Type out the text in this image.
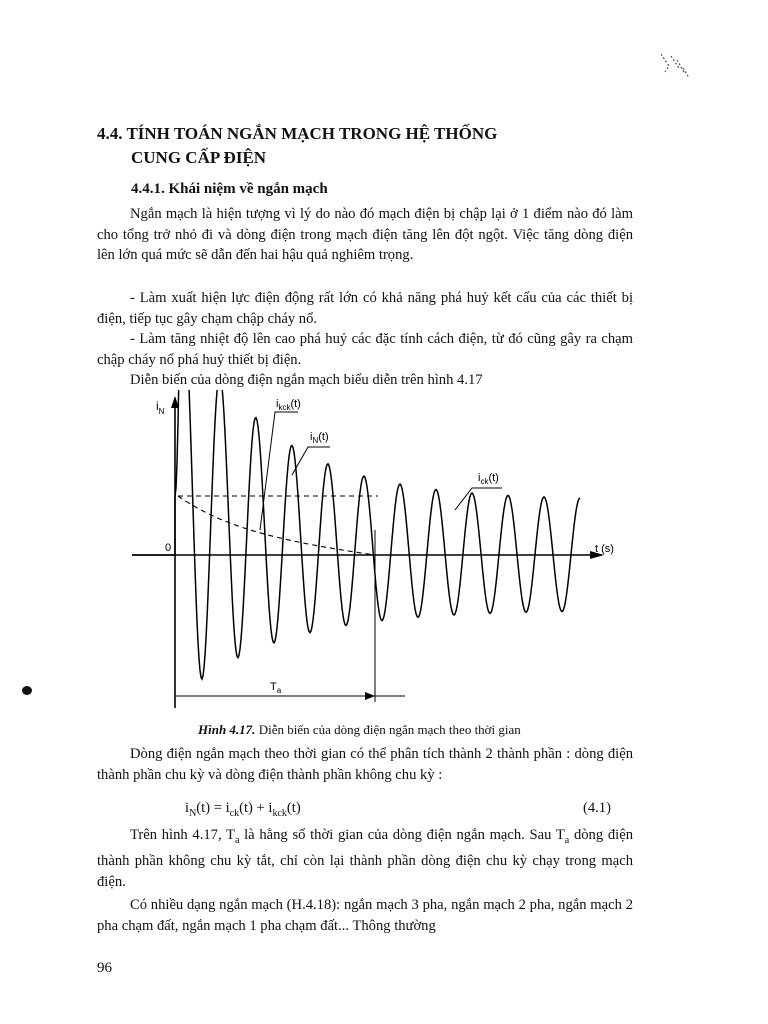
4.4. TÍNH TOÁN NGẮN MẠCH TRONG HỆ THỐNG
CUNG CẤP ĐIỆN
4.4.1. Khái niệm về ngắn mạch
Ngắn mạch là hiện tượng vì lý do nào đó mạch điện bị chập lại ở 1 điểm nào đó làm cho tổng trở nhỏ đi và dòng điện trong mạch điện tăng lên đột ngột. Việc tăng dòng điện lên lớn quá mức sẽ dẫn đến hai hậu quả nghiêm trọng.
- Làm xuất hiện lực điện động rất lớn có khả năng phá huỷ kết cấu của các thiết bị điện, tiếp tục gây chạm chập cháy nổ.
- Làm tăng nhiệt độ lên cao phá huỷ các đặc tính cách điện, từ đó cũng gây ra chạm chập cháy nổ phá huỷ thiết bị điện.
Diễn biến của dòng điện ngắn mạch biểu diễn trên hình 4.17
$i_N$
$i_{kck}(t)$
$i_N(t)$
$i_{ck}(t)$
0	t (s)
$T_a$
Hình 4.17. Diễn biến của dòng điện ngắn mạch theo thời gian
Dòng điện ngắn mạch theo thời gian có thể phân tích thành 2 thành phần : dòng điện thành phần chu kỳ và dòng điện thành phần không chu kỳ :
$i_N(t) = i_{ck}(t) + i_{kck}(t)$	(4.1)
Trên hình 4.17, $T_a$ là hằng số thời gian của dòng điện ngắn mạch. Sau $T_a$ dòng điện thành phần không chu kỳ tắt, chỉ còn lại thành phần dòng điện chu kỳ chạy trong mạch điện.
Có nhiều dạng ngắn mạch (H.4.18): ngắn mạch 3 pha, ngắn mạch 2 pha, ngắn mạch 2 pha chạm đất, ngắn mạch 1 pha chạm đất... Thông thường
96
